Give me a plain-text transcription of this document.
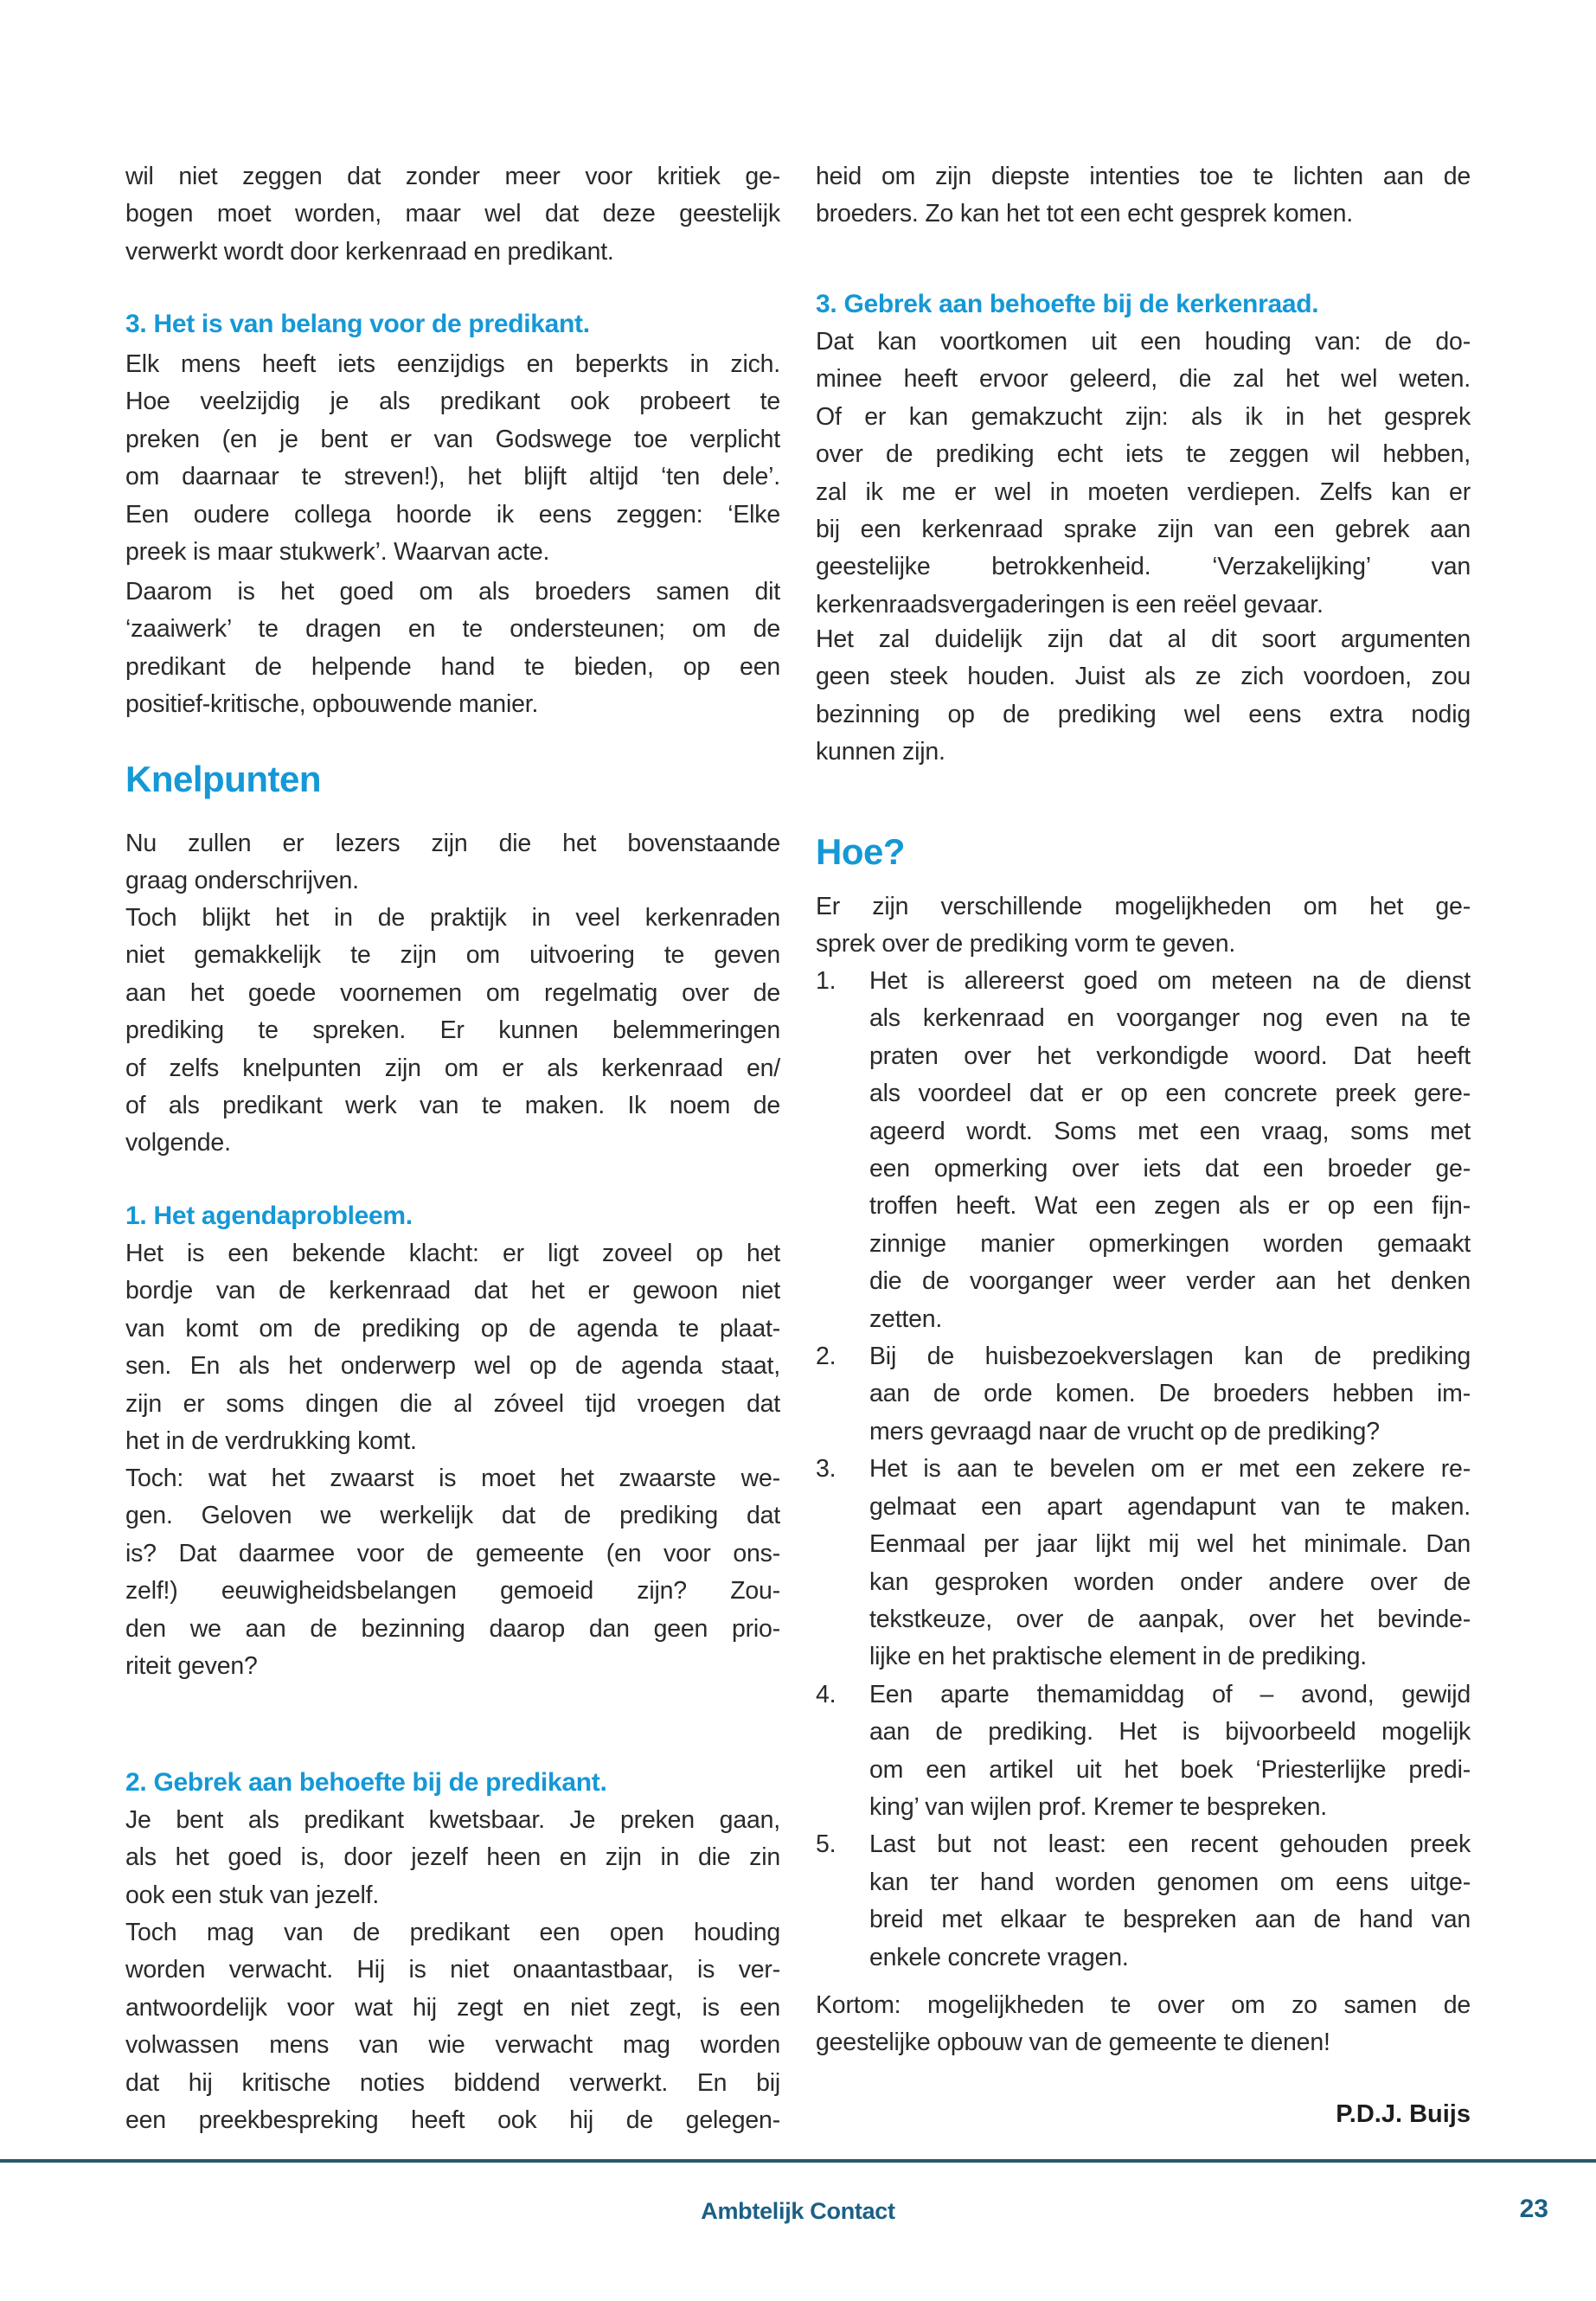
wil niet zeggen dat zonder meer voor kritiek ge-
bogen moet worden, maar wel dat deze geestelijk
verwerkt wordt door kerkenraad en predikant.
3. Het is van belang voor de predikant.
Elk mens heeft iets eenzijdigs en beperkts in zich.
Hoe veelzijdig je als predikant ook probeert te
preken (en je bent er van Godswege toe verplicht
om daarnaar te streven!), het blijft altijd ‘ten dele’.
Een oudere collega hoorde ik eens zeggen: ‘Elke
preek is maar stukwerk’. Waarvan acte.
Daarom is het goed om als broeders samen dit
‘zaaiwerk’ te dragen en te ondersteunen; om de
predikant de helpende hand te bieden, op een
positief-kritische, opbouwende manier.
Knelpunten
Nu zullen er lezers zijn die het bovenstaande
graag onderschrijven.
Toch blijkt het in de praktijk in veel kerkenraden
niet gemakkelijk te zijn om uitvoering te geven
aan het goede voornemen om regelmatig over de
prediking te spreken. Er kunnen belemmeringen
of zelfs knelpunten zijn om er als kerkenraad en/
of als predikant werk van te maken. Ik noem de
volgende.
1. Het agendaprobleem.
Het is een bekende klacht: er ligt zoveel op het
bordje van de kerkenraad dat het er gewoon niet
van komt om de prediking op de agenda te plaat-
sen. En als het onderwerp wel op de agenda staat,
zijn er soms dingen die al zóveel tijd vroegen dat
het in de verdrukking komt.
Toch: wat het zwaarst is moet het zwaarste we-
gen. Geloven we werkelijk dat de prediking dat
is? Dat daarmee voor de gemeente (en voor ons-
zelf!) eeuwigheidsbelangen gemoeid zijn? Zou-
den we aan de bezinning daarop dan geen prio-
riteit geven?
2. Gebrek aan behoefte bij de predikant.
Je bent als predikant kwetsbaar. Je preken gaan,
als het goed is, door jezelf heen en zijn in die zin
ook een stuk van jezelf.
Toch mag van de predikant een open houding
worden verwacht. Hij is niet onaantastbaar, is ver-
antwoordelijk voor wat hij zegt en niet zegt, is een
volwassen mens van wie verwacht mag worden
dat hij kritische noties biddend verwerkt. En bij
een preekbespreking heeft ook hij de gelegen-
heid om zijn diepste intenties toe te lichten aan de
broeders. Zo kan het tot een echt gesprek komen.
3. Gebrek aan behoefte bij de kerkenraad.
Dat kan voortkomen uit een houding van: de do-
minee heeft ervoor geleerd, die zal het wel weten.
Of er kan gemakzucht zijn: als ik in het gesprek
over de prediking echt iets te zeggen wil hebben,
zal ik me er wel in moeten verdiepen. Zelfs kan er
bij een kerkenraad sprake zijn van een gebrek aan
geestelijke betrokkenheid. ‘Verzakelijking’ van
kerkenraadsvergaderingen is een reëel gevaar.
Het zal duidelijk zijn dat al dit soort argumenten
geen steek houden. Juist als ze zich voordoen, zou
bezinning op de prediking wel eens extra nodig
kunnen zijn.
Hoe?
Er zijn verschillende mogelijkheden om het ge-
sprek over de prediking vorm te geven.
1.	Het is allereerst goed om meteen na de dienst
als kerkenraad en voorganger nog even na te
praten over het verkondigde woord. Dat heeft
als voordeel dat er op een concrete preek gere-
ageerd wordt. Soms met een vraag, soms met
een opmerking over iets dat een broeder ge-
troffen heeft. Wat een zegen als er op een fijn-
zinnige manier opmerkingen worden gemaakt
die de voorganger weer verder aan het denken
zetten.
2.	Bij de huisbezoekverslagen kan de prediking
aan de orde komen. De broeders hebben im-
mers gevraagd naar de vrucht op de prediking?
3.	Het is aan te bevelen om er met een zekere re-
gelmaat een apart agendapunt van te maken.
Eenmaal per jaar lijkt mij wel het minimale. Dan
kan gesproken worden onder andere over de
tekstkeuze, over de aanpak, over het bevinde-
lijke en het praktische element in de prediking.
4.	Een aparte themamiddag of – avond, gewijd
aan de prediking. Het is bijvoorbeeld mogelijk
om een artikel uit het boek ‘Priesterlijke predi-
king’ van wijlen prof. Kremer te bespreken.
5.	Last but not least: een recent gehouden preek
kan ter hand worden genomen om eens uitge-
breid met elkaar te bespreken aan de hand van
enkele concrete vragen.
Kortom: mogelijkheden te over om zo samen de
geestelijke opbouw van de gemeente te dienen!
P.D.J. Buijs
Ambtelijk Contact	23
